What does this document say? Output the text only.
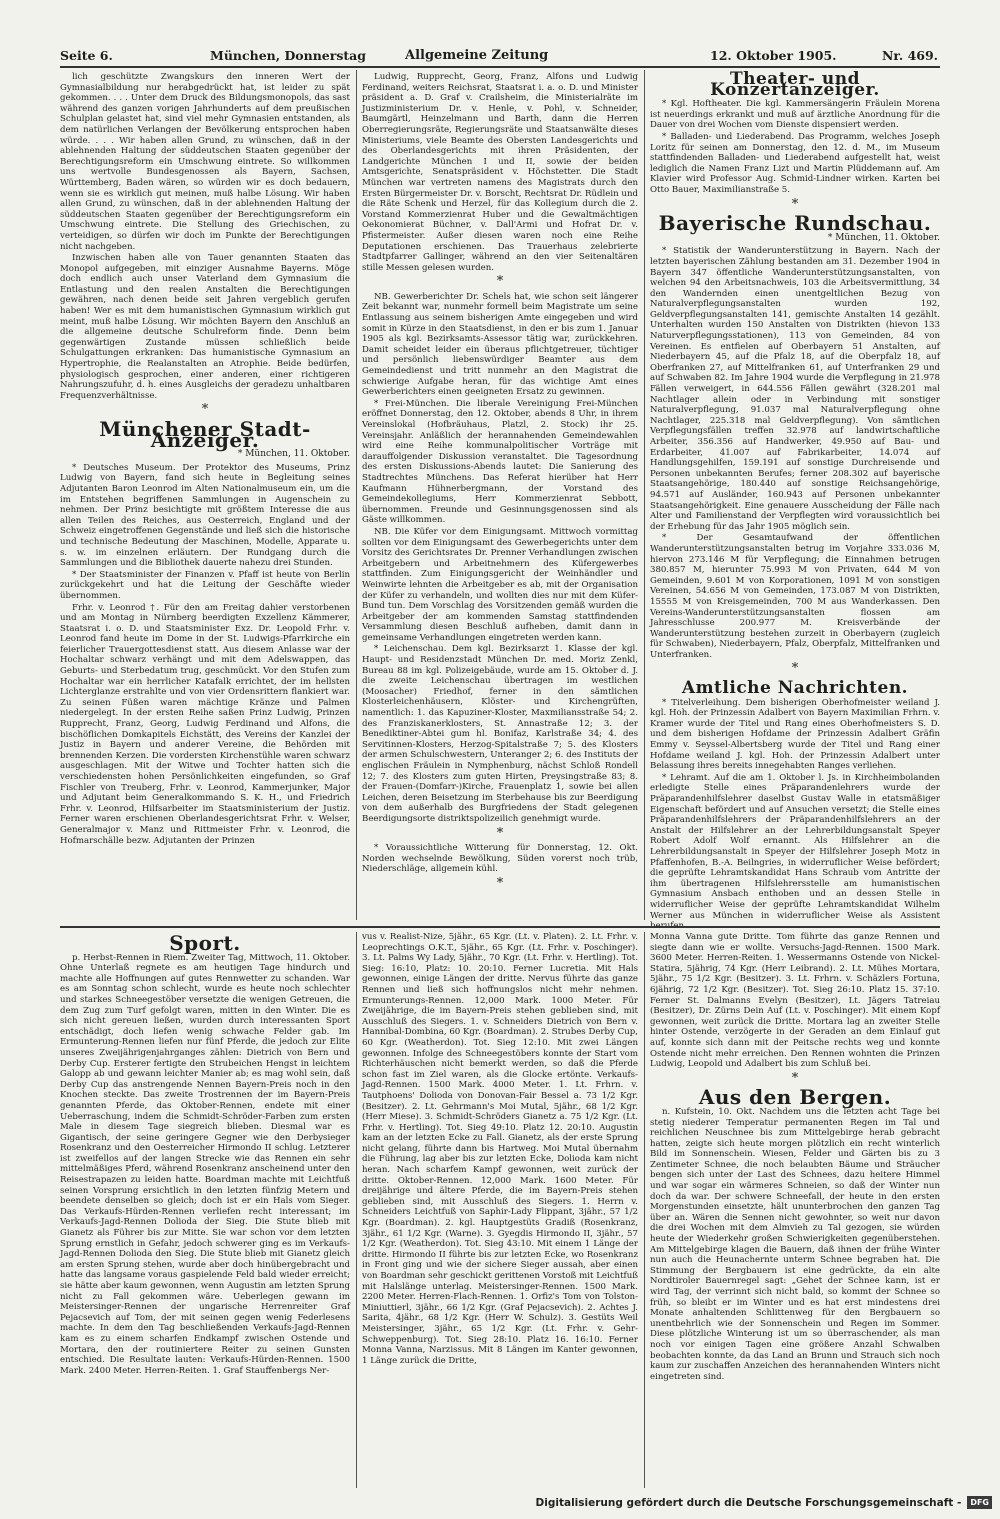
Seite 6.	München, Donnerstag	Allgemeine Zeitung	12. Oktober 1905.	Nr. 469.

lich geschützte Zwangskurs den inneren Wert der Gymnasialbildung nur herabgedrückt hat, ist leider zu spät gekommen. . . . Unter dem Druck des Bildungsmonopols, das sast während des ganzen vorigen Jahrhunderts auf dem preußischen Schulplan gelastet hat, sind viel mehr Gymnasien entstanden, als dem natürlichen Verlangen der Bevölkerung entsprochen haben würde. . . . Wir haben allen Grund, zu wünschen, daß in der ablehnenden Haltung der süddeutschen Staaten gegenüber der Berechtigungsreform ein Umschwung eintrete. So willkommen uns wertvolle Bundesgenossen als Bayern, Sachsen, Württemberg, Baden wären, so würden wir es doch bedauern, wenn sie es wirklich gut meinen, muß halbe Lösung. Wir haben allen Grund, zu wünschen, daß in der ablehnenden Haltung der süddeutschen Staaten gegenüber der Berechtigungsreform ein Umschwung eintrete. Die Stellung des Griechischen, zu verteidigen, so dürfen wir doch im Punkte der Berechtigungen nicht nachgeben.

Inzwischen haben alle von Tauer genannten Staaten das Monopol aufgegeben, mit einziger Ausnahme Bayerns. Möge doch endlich auch unser Vaterland dem Gymnasium die Entlastung und den realen Anstalten die Berechtigungen gewähren, nach denen beide seit Jahren vergeblich gerufen haben! Wer es mit dem humanistischen Gymnasium wirklich gut meint, muß halbe Lösung. Wir möchten Bayern den Anschluß an die allgemeine deutsche Schulreform finde. Denn beim gegenwärtigen Zustande müssen schließlich beide Schulgattungen erkranken: Das humanistische Gymnasium an Hypertrophie, die Realanstalten an Atrophie. Beide bedürfen, physiologisch gesprochen, einer anderen, einer richtigeren Nahrungszufuhr, d. h. eines Ausgleichs der geradezu unhaltbaren Frequenzverhältnisse.

*
Münchener Stadt-Anzeiger.
* München, 11. Oktober.

* Deutsches Museum. Der Protektor des Museums, Prinz Ludwig von Bayern, fand sich heute in Begleitung seines Adjutanten Baron Leonrod im Alten Nationalmuseum ein, um die im Entstehen begriffenen Sammlungen in Augenschein zu nehmen. Der Prinz besichtigte mit größtem Interesse die aus allen Teilen des Reiches, aus Oesterreich, England und der Schweiz eingetroffenen Gegenstände und ließ sich die historische und technische Bedeutung der Maschinen, Modelle, Apparate u. s. w. im einzelnen erläutern. Der Rundgang durch die Sammlungen und die Bibliothek dauerte nahezu drei Stunden.

* Der Staatsminister der Finanzen v. Pfaff ist heute von Berlin zurückgekehrt und hat die Leitung der Geschäfte wieder übernommen.

Frhr. v. Leonrod †. Für den am Freitag dahier verstorbenen und am Montag in Nürnberg beerdigten Exzellenz Kämmerer, Staatsrat i. o. D. und Staatsminister Exz. Dr. Leopold Frhr. v. Leonrod fand heute im Dome in der St. Ludwigs-Pfarrkirche ein feierlicher Trauergottesdienst statt. Aus diesem Anlasse war der Hochaltar schwarz verhängt und mit dem Adelswappen, das Geburts- und Sterbedatum trug, geschmückt. Vor den Stufen zum Hochaltar war ein herrlicher Katafalk errichtet, der im hellsten Lichterglanze erstrahlte und von vier Ordensrittern flankiert war. Zu seinen Füßen waren mächtige Kränze und Palmen niedergelegt. In der ersten Reihe saßen Prinz Ludwig, Prinzen Rupprecht, Franz, Georg, Ludwig Ferdinand und Alfons, die bischöflichen Domkapitels Eichstätt, des Vereins der Kanzlei der Justiz in Bayern und anderer Vereine, die Behörden mit brennenden Kerzen. Die vordersten Kirchenstühle waren schwarz ausgeschlagen. Mit der Witwe und Tochter hatten sich die verschiedensten hohen Persönlichkeiten eingefunden, so Graf Fischler von Treuberg, Frhr. v. Leonrod, Kammerjunker, Major und Adjutant beim Generalkommando S. K. H., und Friedrich Frhr. v. Leonrod, Hilfsarbeiter im Staatsministerium der Justiz. Ferner waren erschienen Oberlandesgerichtsrat Frhr. v. Welser, Generalmajor v. Manz und Rittmeister Frhr. v. Leonrod, die Hofmarschälle bezw. Adjutanten der Prinzen

Ludwig, Rupprecht, Georg, Franz, Alfons und Ludwig Ferdinand, weiters Reichsrat, Staatsrat i. a. o. D. und Minister präsident a. D. Graf v. Crailsheim, die Ministerialräte im Justizministerium Dr. v. Henle, v. Pohl, v. Schneider, Baumgärtl, Heinzelmann und Barth, dann die Herren Oberregierungsräte, Regierungsräte und Staatsanwälte dieses Ministeriums, viele Beamte des Obersten Landesgerichts und des Oberlandesgerichts mit ihren Präsidenten, der Landgerichte München I und II, sowie der beiden Amtsgerichte, Senatspräsident v. Höchstetter. Die Stadt München war vertreten namens des Magistrats durch den Ersten Bürgermeister Dr. v. Borscht, Rechtsrat Dr. Rüdlein und die Räte Schenk und Herzel, für das Kollegium durch die 2. Vorstand Kommerzienrat Huber und die Gewaltmächtigen Oekonomierat Büchner, v. Dall'Armi und Hofrat Dr. v. Pfistermeister. Außer diesen waren noch eine Reihe Deputationen erschienen. Das Trauerhaus zelebrierte Stadtpfarrer Gallinger, während an den vier Seitenaltären stille Messen gelesen wurden.

*

NB. Gewerberichter Dr. Schels hat, wie schon seit längerer Zeit bekannt war, nunmehr formell beim Magistrate um seine Entlassung aus seinem bisherigen Amte eingegeben und wird somit in Kürze in den Staatsdienst, in den er bis zum 1. Januar 1905 als kgl. Bezirksamts-Assessor tätig war, zurückkehren. Damit scheidet leider ein überaus pflichtgetreuer, tüchtiger und persönlich liebenswürdiger Beamter aus dem Gemeindedienst und tritt nunmehr an den Magistrat die schwierige Aufgabe heran, für das wichtige Amt eines Gewerberichters einen geeigneten Ersatz zu gewinnen.

* Frei-München. Die liberale Vereinigung Frei-München eröffnet Donnerstag, den 12. Oktober, abends 8 Uhr, in ihrem Vereinslokal (Hofbräuhaus, Platzl, 2. Stock) ihr 25. Vereinsjahr. Anläßlich der herannahenden Gemeindewahlen wird eine Reihe kommunalpolitischer Vorträge mit darauffolgender Diskussion veranstaltet. Die Tagesordnung des ersten Diskussions-Abends lautet: Die Sanierung des Stadtrechtes Münchens. Das Referat hierüber hat Herr Kaufmann Hühnerbergmann, der Vorstand des Gemeindekollegiums, Herr Kommerzienrat Sebbott, übernommen. Freunde und Gesinnungsgenossen sind als Gäste willkommen.

NB. Die Küfer vor dem Einigungsamt. Mittwoch vormittag sollten vor dem Einigungsamt des Gewerbegerichts unter dem Vorsitz des Gerichtsrates Dr. Prenner Verhandlungen zwischen Arbeitgebern und Arbeitnehmern des Küfergewerbes stattfinden. Zum Einigungsgericht der Weinhändler und Weinwirte lehnten die Arbeitgeber es ab, mit der Organisation der Küfer zu verhandeln, und wollten dies nur mit dem Küfer-Bund tun. Dem Vorschlag des Vorsitzenden gemäß wurden die Arbeitgeber der am kommenden Samstag stattfindenden Versammlung diesen Beschluß aufheben, damit dann in gemeinsame Verhandlungen eingetreten werden kann.

* Leichenschau. Dem kgl. Bezirksarzt 1. Klasse der kgl. Haupt- und Residenzstadt München Dr. med. Moriz Zenkl, Bureau 88 im kgl. Polizeigebäude, wurde am 15. Oktober d. J. die zweite Leichenschau übertragen im westlichen (Moosacher) Friedhof, ferner in den sämtlichen Klosterleichenhäusern, Klöster- und Kirchengrüften, namentlich: 1. das Kapuziner-Kloster, Maxmiliansstraße 54; 2. des Franziskanerklosters, St. Annastraße 12; 3. der Benediktiner-Abtei gum hl. Bonifaz, Karlstraße 34; 4. des Servitinnen-Klosters, Herzog-Spitalstraße 7; 5. des Klosters der armen Schulschwestern, Unteranger 2; 6. des Instituts der englischen Fräulein in Nymphenburg, nächst Schloß Rondell 12; 7. des Klosters zum guten Hirten, Preysingstraße 83; 8. der Frauen-(Domfarr-)Kirche, Frauenplatz 1, sowie bei allen Leichen, deren Beisetzung im Sterbehause bis zur Beerdigung von dem außerhalb des Burgfriedens der Stadt gelegenen Beerdigungsorte distriktspolizeilich genehmigt wurde.

*

* Voraussichtliche Witterung für Donnerstag, 12. Okt. Norden wechselnde Bewölkung, Süden vorerst noch trüb, Niederschläge, allgemein kühl.

*
Theater- und Konzertanzeiger.

* Kgl. Hoftheater. Die kgl. Kammersängerin Fräulein Morena ist neuerdings erkrankt und muß auf ärztliche Anordnung für die Dauer von drei Wochen vom Dienste dispensiert werden.

* Balladen- und Liederabend. Das Programm, welches Joseph Loritz für seinen am Donnerstag, den 12. d. M., im Museum stattfindenden Balladen- und Liederabend aufgestellt hat, weist lediglich die Namen Franz Lizt und Martin Plüddemann auf. Am Klavier wird Professor Aug. Schmid-Lindner wirken. Karten bei Otto Bauer, Maximilianstraße 5.

*
Bayerische Rundschau.
* München, 11. Oktober.

* Statistik der Wanderunterstützung in Bayern. Nach der letzten bayerischen Zählung bestanden am 31. Dezember 1904 in Bayern 347 öffentliche Wanderunterstützungsanstalten, von welchen 94 den Arbeitsnachweis, 103 die Arbeitsvermittlung, 34 den Wandernden einen unentgeltlichen Bezug von Naturalverpflegungsanstalten wurden 192, Geldverpflegungsanstalten 141, gemischte Anstalten 14 gezählt. Unterhalten wurden 150 Anstalten von Distrikten (hievon 133 Naturverpflegungsstationen), 113 von Gemeinden, 84 von Vereinen. Es entfielen auf Oberbayern 51 Anstalten, auf Niederbayern 45, auf die Pfalz 18, auf die Oberpfalz 18, auf Oberfranken 27, auf Mittelfranken 61, auf Unterfranken 29 und auf Schwaben 82. Im Jahre 1904 wurde die Verpflegung in 21.978 Fällen verweigert, in 644.556 Fällen gewährt (328.201 mal Nachtlager allein oder in Verbindung mit sonstiger Naturalverpflegung, 91.037 mal Naturalverpflegung ohne Nachtlager, 225.318 mal Geldverpflegung). Von sämtlichen Verpflegungsfällen treffen 32.978 auf landwirtschaftliche Arbeiter, 356.356 auf Handwerker, 49.950 auf Bau- und Erdarbeiter, 41.007 auf Fabrikarbeiter, 14.074 auf Handlungsgehilfen, 159.191 auf sonstige Durchreisende und Personen unbekannten Berufes; ferner 208.302 auf bayerische Staatsangehörige, 180.440 auf sonstige Reichsangehörige, 94.571 auf Ausländer, 160.943 auf Personen unbekannter Staatsangehörigkeit. Eine genauere Ausscheidung der Fälle nach Alter und Familienstand der Verpflegten wird voraussichtlich bei der Erhebung für das Jahr 1905 möglich sein.

* Der Gesamtaufwand der öffentlichen Wanderunterstützungsanstalten betrug im Vorjahre 333.036 M, hiervon 273.146 M für Verpflegung; die Einnahmen betrugen 380.857 M, hierunter 75.993 M von Privaten, 644 M von Gemeinden, 9.601 M von Korporationen, 1091 M von sonstigen Vereinen, 54.656 M von Gemeinden, 173.087 M von Distrikten, 15555 M von Kreisgemeinden, 700 M aus Wanderkassen. Den Vereins-Wanderunterstützungsanstalten flossen am Jahresschlusse 200.977 M. Kreisverbände der Wanderunterstützung bestehen zurzeit in Oberbayern (zugleich für Schwaben), Niederbayern, Pfalz, Oberpfalz, Mittelfranken und Unterfranken.

*
Amtliche Nachrichten.

* Titelverleihung. Dem bisherigen Oberhofmeister weiland J. kgl. Hoh. der Prinzessin Adalbert von Bayern Maximilian Frhrn. v. Kramer wurde der Titel und Rang eines Oberhofmeisters S. D. und dem bisherigen Hofdame der Prinzessin Adalbert Gräfin Emmy v. Seyssel-Albertsberg wurde der Titel und Rang einer Hofdame weiland J. kgl. Hoh. der Prinzessin Adalbert unter Belassung ihres bereits innegehabten Ranges verliehen.

* Lehramt. Auf die am 1. Oktober l. Js. in Kirchheimbolanden erledigte Stelle eines Präparandenlehrers wurde der Präparandenhilfslehrer daselbst Gustav Walle in etatsmäßiger Eigenschaft befördert und auf Ansuchen versetzt; die Stelle eines Präparandenhilfslehrers der Präparandenhilfslehrers an der Anstalt der Hilfslehrer an der Lehrerbildungsanstalt Speyer Robert Adolf Wolf ernannt. Als Hilfslehrer an die Lehrerbildungsanstalt in Speyer der Hilfslehrer Joseph Motz in Pfaffenhofen, B.-A. Beilngries, in widerruflicher Weise befördert; die geprüfte Lehramtskandidat Hans Schraub vom Antritte der ihm übertragenen Hilfslehrersstelle am humanistischen Gymnasium Ansbach enthoben und an dessen Stelle in widerruflicher Weise der geprüfte Lehramtskandidat Wilhelm Werner aus München in widerruflicher Weise als Assistent

Sport.

p. Herbst-Rennen in Riem. Zweiter Tag, Mittwoch, 11. Oktober. Ohne Unterlaß regnete es am heutigen Tage hindurch und machte alle Hoffnungen auf gutes Rennwetter zu schanden. War es am Sonntag schon schlecht, wurde es heute noch schlechter und starkes Schneegestöber versetzte die wenigen Getreuen, die dem Zug zum Turf gefolgt waren, mitten in den Winter. Die es sich nicht gereuen ließen, wurden durch interessanten Sport entschädigt, doch liefen wenig schwache Felder gab. Im Ermunterung-Rennen liefen nur fünf Pferde, die jedoch zur Elite unseres Zweijährigenjahrganges zählen: Dietrich von Bern und Derby Cup. Ersterer fertigte den Strubeichen Hengst in leichtem Galopp ab und gewann leichter Manier ab; es mag wohl sein, daß Derby Cup das anstrengende Nennen Bayern-Preis noch in den Knochen steckte. Das zweite Trostrennen der im Bayern-Preis genannten Pferde, das Oktober-Rennen, endete mit einer Ueberraschung, indem die Schmidt-Schröder-Farben zum ersten Male in diesem Tage siegreich blieben. Diesmal war es Gigantisch, der seine geringere Gegner wie den Derbysieger Rosenkranz und den Oesterreicher Hirmondo II schlug. Letzterer ist zweifellos auf der langen Strecke wie das Rennen ein sehr mittelmäßiges Pferd, während Rosenkranz anscheinend unter den Reisestrapazen zu leiden hatte. Boardman machte mit Leichtfuß seinen Vorsprung ersichtlich in den letzten fünfzig Metern und beendete denselben so gleich; doch ist er ein Hals vom Sieger. Das Verkaufs-Hürden-Rennen verliefen recht interessant; im Verkaufs-Jagd-Rennen Dolioda der Sieg. Die Stute blieb mit Gianetz als Führer bis zur Mitte. Sie war schon vor dem letzten Sprung ernstlich in Gefahr, jedoch schwerer ging es im Verkaufs-Jagd-Rennen Dolioda den Sieg. Die Stute blieb mit Gianetz gleich am ersten Sprung stehen, wurde aber doch hinübergebracht und hatte das langsame voraus gaspielende Feld bald wieder erreicht; sie hätte aber kaum gewonnen, wenn Augustin am letzten Sprung nicht zu Fall gekommen wäre. Ueberlegen gewann im Meistersinger-Rennen der ungarische Herrenreiter Graf Pejacsevich auf Tom, der mit seinen gegen wenig Federlesens machte. In dem den Tag beschließenden Verkaufs-Jagd-Rennen kam es zu einem scharfen Endkampf zwischen Ostende und Mortara, den der routiniertere Reiter zu seinen Gunsten entschied. Die Resultate lauten: Verkaufs-Hürden-Rennen. 1500 Mark. 2400 Meter. Herren-Reiten. 1. Graf Stauffenbergs Ner-

vus v. Realist-Nize, 5jähr., 65 Kgr. (Lt. v. Platen). 2. Lt. Frhr. v. Leoprechtings O.K.T., 5jähr., 65 Kgr. (Lt. Frhr. v. Poschinger). 3. Lt. Palms Wy Lady, 5jähr., 70 Kgr. (Lt. Frhr. v. Hertling). Tot. Sieg: 16:10, Platz: 10. 20:10. Ferner Lucretia. Mit Hals gewonnen, einige Längen der dritte. Nervus führte das ganze Rennen und ließ sich hoffnungslos nicht mehr nehmen. Ermunterungs-Rennen. 12,000 Mark. 1000 Meter. Für Zweijährige, die im Bayern-Preis stehen geblieben sind, mit Ausschluß des Siegers. 1. v. Schneiders Dietrich von Bern v. Hannibal-Dombina, 60 Kgr. (Boardman). 2. Strubes Derby Cup, 60 Kgr. (Weatherdon). Tot. Sieg 12:10. Mit zwei Längen gewonnen. Infolge des Schneegestöbers konnte der Start vom Richterhäuschen nicht bemerkt werden, so daß die Pferde schon fast im Ziel waren, als die Glocke ertönte. Verkaufs-Jagd-Rennen. 1500 Mark. 4000 Meter. 1. Lt. Frhrn. v. Tautphoens' Dolioda von Donovan-Fair Bessel a. 73 1/2 Kgr. (Besitzer). 2. Lt. Gehrmann's Moi Mutal, 5jähr., 68 1/2 Kgr. (Herr Miese). 3. Schmidt-Schröders Gianetz a. 75 1/2 Kgr. (Lt. Frhr. v. Hertling). Tot. Sieg 49:10. Platz 12. 20:10. Augustin kam an der letzten Ecke zu Fall. Gianetz, als der erste Sprung nicht gelang, führte dann bis Hartweg. Moi Mutal übernahm die Führung, lag aber bis zur letzten Ecke, Dolioda kam nicht heran. Nach scharfem Kampf gewonnen, weit zurück der dritte. Oktober-Rennen. 12,000 Mark. 1600 Meter. Für dreijährige und ältere Pferde, die im Bayern-Preis stehen geblieben sind, mit Ausschluß des Siegers. 1. Herrn v. Schneiders Leichtfuß von Saphir-Lady Flippant, 3jähr., 57 1/2 Kgr. (Boardman). 2. kgl. Hauptgestüts Gradiß (Rosenkranz, 3jähr., 61 1/2 Kgr. (Warne). 3. Gyegdis Hirmondo II, 3jähr., 57 1/2 Kgr. (Weatherdon). Tot. Sieg 43:10. Mit einem 1 Länge der dritte. Hirmondo II führte bis zur letzten Ecke, wo Rosenkranz in Front ging und wie der sichere Sieger aussah, aber einen von Boardman sehr geschickt gerittenen Vorstoß mit Leichtfuß mit Halslänge unterlag. Meistersinger-Rennen. 1500 Mark. 2200 Meter. Herren-Flach-Rennen. 1. Orfiz's Tom von Tolston-Miniuttierl, 3jähr., 66 1/2 Kgr. (Graf Pejacsevich). 2. Achtes J. Sarita, 4jähr., 68 1/2 Kgr. (Herr W. Schulz). 3. Gestüts Weil Meistersinger, 3jähr., 65 1/2 Kgr. (Lt. Frhr. v. Gehr-Schweppenburg). Tot. Sieg 28:10. Platz 16. 16:10. Ferner Monna Vanna, Narzissus. Mit 8 Längen im Kanter gewonnen, 1 Länge zurück die Dritte,

Monna Vanna gute Dritte. Tom führte das ganze Rennen und siegte dann wie er wollte. Versuchs-Jagd-Rennen. 1500 Mark. 3600 Meter. Herren-Reiten. 1. Wessermanns Ostende von Nickel-Statira, 5jährig, 74 Kgr. (Herr Leibrand). 2. Lt. Mühes Mortara, 5jähr., 75 1/2 Kgr. (Besitzer). 3. Lt. Frhrn. v. Schäzlers Fortuna, 6jährig, 72 1/2 Kgr. (Besitzer). Tot. Sieg 26:10. Platz 15. 37:10. Ferner St. Dalmanns Evelyn (Besitzer), Lt. Jägers Tatreiau (Besitzer), Dr. Zürns Dein Auf (Lt. v. Poschinger). Mit einem Kopf gewonnen, weit zurück die Dritte. Mortara lag an zweiter Stelle hinter Ostende, verzögerte in der Geraden an dem Einlauf gut auf, konnte sich dann mit der Peitsche rechts weg und konnte Ostende nicht mehr erreichen. Den Rennen wohnten die Prinzen Ludwig, Leopold und Adalbert bis zum Schluß bei.

*
Aus den Bergen.

n. Kufstein, 10. Okt. Nachdem uns die letzten acht Tage bei stetig niederer Temperatur permanenten Regen im Tal und reichlichen Neuschnee bis zum Mittelgebirge herab gebracht hatten, zeigte sich heute morgen plötzlich ein recht winterlich Bild im Sonnenschein. Wiesen, Felder und Gärten bis zu 3 Zentimeter Schnee, die noch belaubten Bäume und Sträucher bengen sich unter der Last des Schnees, dazu heitere Himmel und war sogar ein wärmeres Schneien, so daß der Winter nun doch da war. Der schwere Schneefall, der heute in den ersten Morgenstunden einsetzte, hält ununterbrochen den ganzen Tag über an. Wären die Sennen nicht gewohnter, so weit nur davon die drei Wochen mit dem Almvieh zu Tal gezogen, sie würden heute der Wiederkehr großen Schwierigkeiten gegenüberstehen. Am Mittelgebirge klagen die Bauern, daß ihnen der frühe Winter nun auch die Heunachernte unterm Schnee begraben hat. Die Stimmung der Bergbauern ist eine gedrückte, da ein alte Nordtiroler Bauernregel sagt: „Gehet der Schnee kann, ist er wird Tag, der verrinnt sich nicht bald, so kommt der Schnee so früh, so bleibt er im Winter und es hat erst mindestens drei Monate anhaltenden Schlittenweg für den Bergbauern so unentbehrlich wie der Sonnenschein und Regen im Sommer. Diese plötzliche Winterung ist um so überraschender, als man noch vor einigen Tagen eine größere Anzahl Schwalben beobachten konnte, da das Land an Brunn und Strauch sich noch kaum zur zuschaffen Anzeichen des herannahenden Winters nicht eingetreten sind.

Digitalisierung gefördert durch die Deutsche Forschungsgemeinschaft -	DFG
